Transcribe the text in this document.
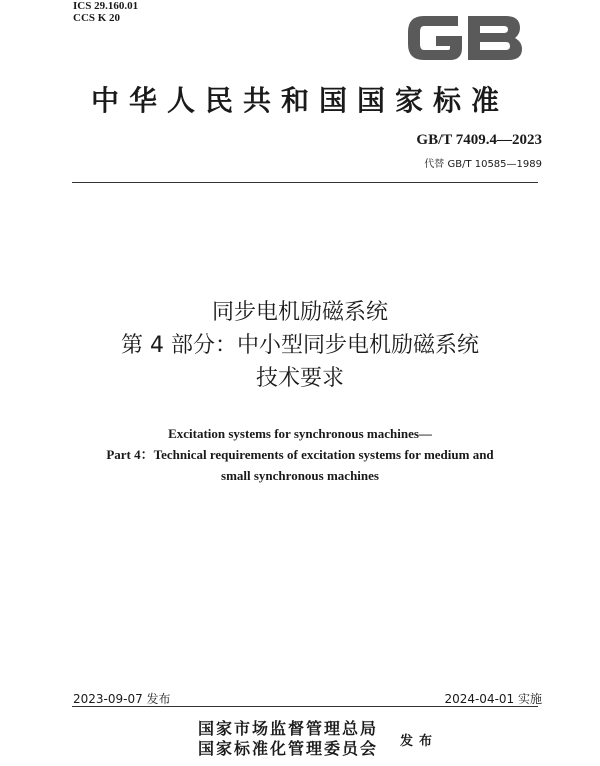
ICS 29.160.01
CCS K 20
中华人民共和国国家标准
GB/T 7409.4—2023
代替 GB/T 10585—1989
同步电机励磁系统
第 4 部分：中小型同步电机励磁系统
技术要求
Excitation systems for synchronous machines—
Part 4：Technical requirements of excitation systems for medium and
small synchronous machines
2023-09-07 发布	2024-04-01 实施
国家市场监督管理总局
国家标准化管理委员会 发布
